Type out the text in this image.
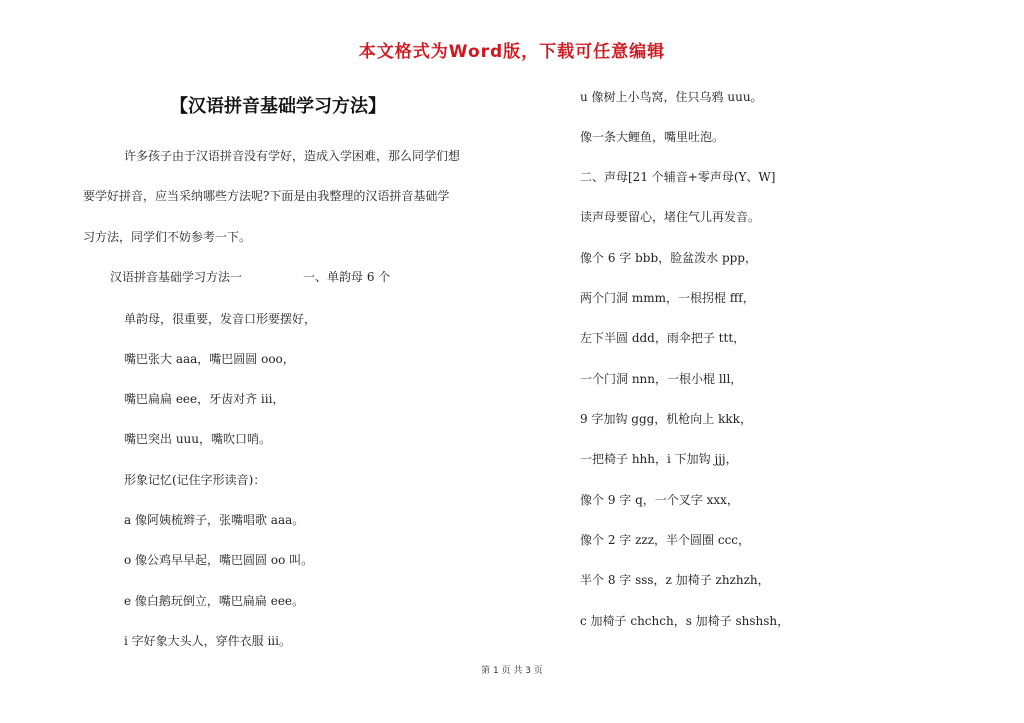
本文格式为Word版，下载可任意编辑
【汉语拼音基础学习方法】
许多孩子由于汉语拼音没有学好，造成入学困难，那么同学们想
要学好拼音，应当采纳哪些方法呢?下面是由我整理的汉语拼音基础学
习方法，同学们不妨参考一下。
汉语拼音基础学习方法一	一、单韵母 6 个
单韵母，很重要，发音口形要摆好，
嘴巴张大 aaa，嘴巴圆圆 ooo，
嘴巴扁扁 eee，牙齿对齐 iii，
嘴巴突出 uuu，嘴吹口哨。
形象记忆(记住字形读音)：
a 像阿姨梳辫子，张嘴唱歌 aaa。
o 像公鸡早早起，嘴巴圆圆 oo 叫。
e 像白鹅玩倒立，嘴巴扁扁 eee。
i 字好象大头人，穿件衣服 iii。
u 像树上小鸟窝，住只乌鸦 uuu。
像一条大鲤鱼，嘴里吐泡。
二、声母[21 个辅音+零声母(Y、W]
读声母要留心，堵住气儿再发音。
像个 6 字 bbb，脸盆泼水 ppp，
两个门洞 mmm，一根拐棍 fff，
左下半圆 ddd，雨伞把子 ttt，
一个门洞 nnn，一根小棍 lll，
9 字加钩 ggg，机枪向上 kkk，
一把椅子 hhh，i 下加钩 jjj，
像个 9 字 q，一个叉字 xxx，
像个 2 字 zzz，半个圆圈 ccc，
半个 8 字 sss，z 加椅子 zhzhzh，
c 加椅子 chchch，s 加椅子 shshsh，
第 1 页 共 3 页
